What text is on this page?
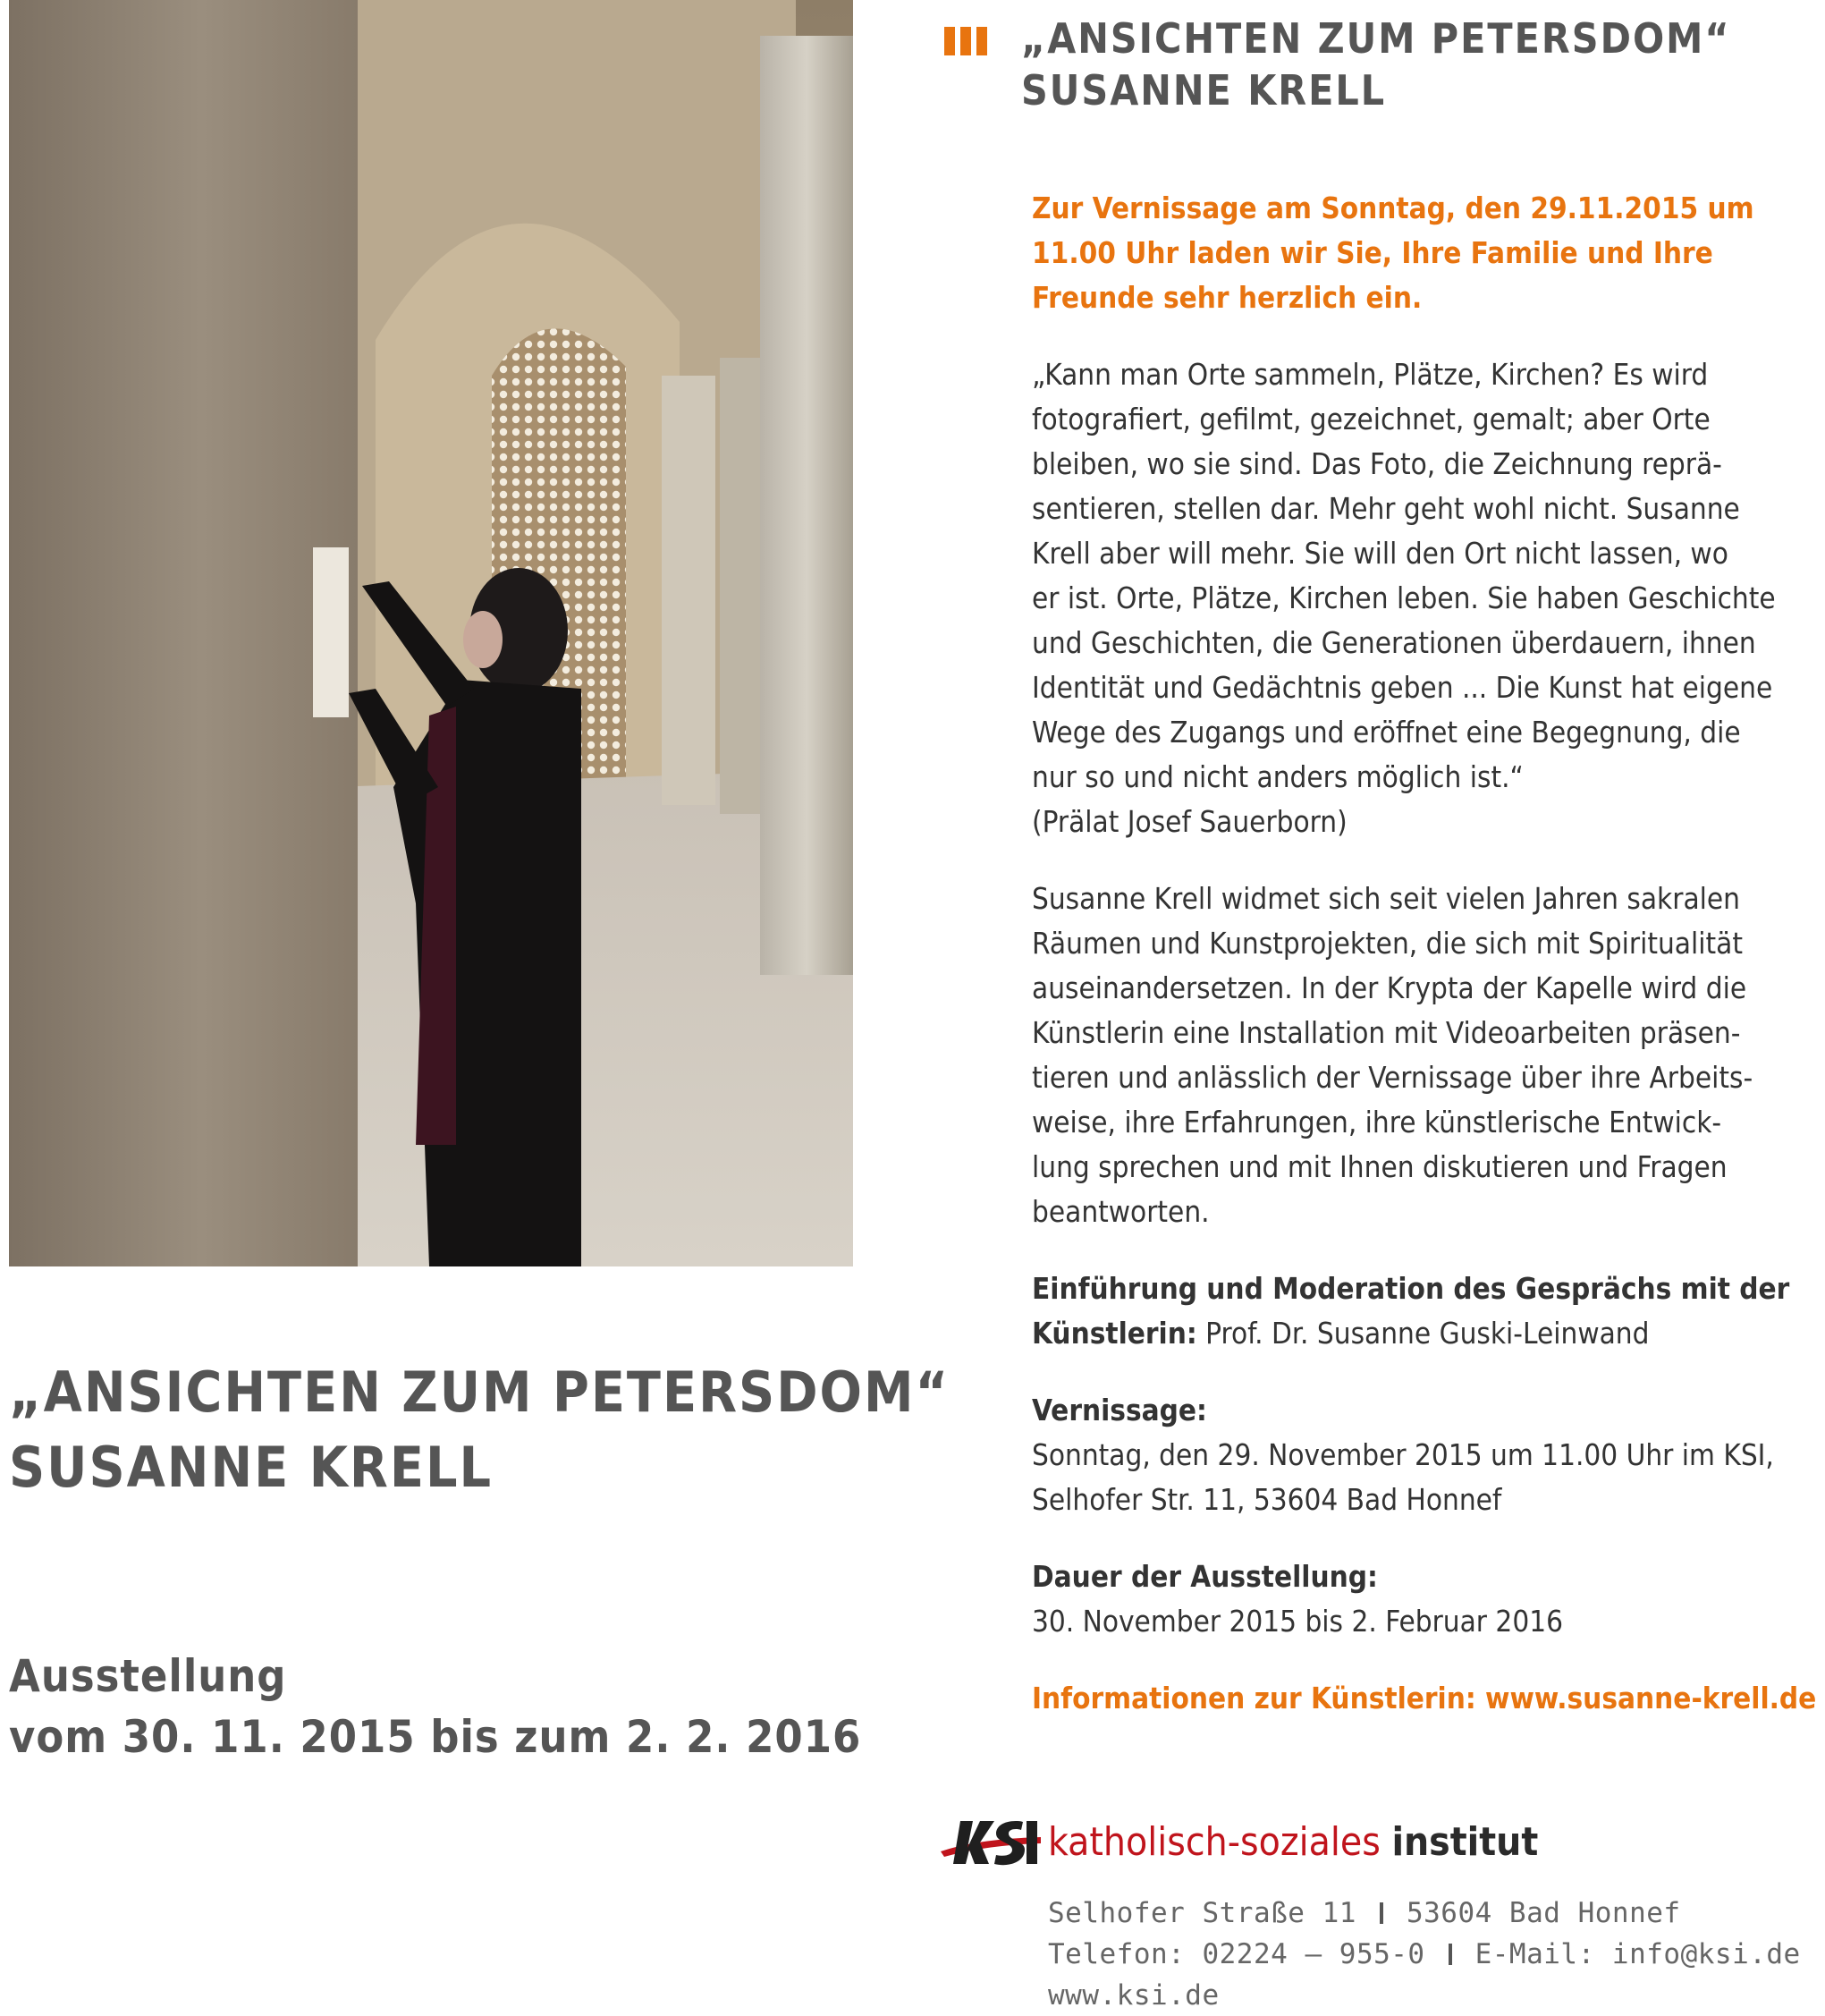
„ANSICHTEN ZUM PETERSDOM“
SUSANNE KRELL
Ausstellung
vom 30. 11. 2015 bis zum 2. 2. 2016
„ANSICHTEN ZUM PETERSDOM“
SUSANNE KRELL

Zur Vernissage am Sonntag, den 29.11.2015 um
11.00 Uhr laden wir Sie, Ihre Familie und Ihre
Freunde sehr herzlich ein.

„Kann man Orte sammeln, Plätze, Kirchen? Es wird
fotografiert, gefilmt, gezeichnet, gemalt; aber Orte
bleiben, wo sie sind. Das Foto, die Zeichnung reprä-
sentieren, stellen dar. Mehr geht wohl nicht. Susanne
Krell aber will mehr. Sie will den Ort nicht lassen, wo
er ist. Orte, Plätze, Kirchen leben. Sie haben Geschichte
und Geschichten, die Generationen überdauern, ihnen
Identität und Gedächtnis geben ... Die Kunst hat eigene
Wege des Zugangs und eröffnet eine Begegnung, die
nur so und nicht anders möglich ist.“
(Prälat Josef Sauerborn)

Susanne Krell widmet sich seit vielen Jahren sakralen
Räumen und Kunstprojekten, die sich mit Spiritualität
auseinandersetzen. In der Krypta der Kapelle wird die
Künstlerin eine Installation mit Videoarbeiten präsen-
tieren und anlässlich der Vernissage über ihre Arbeits-
weise, ihre Erfahrungen, ihre künstlerische Entwick-
lung sprechen und mit Ihnen diskutieren und Fragen
beantworten.

Einführung und Moderation des Gesprächs mit der
Künstlerin: Prof. Dr. Susanne Guski-Leinwand

Vernissage:
Sonntag, den 29. November 2015 um 11.00 Uhr im KSI,
Selhofer Str. 11, 53604 Bad Honnef

Dauer der Ausstellung:
30. November 2015 bis 2. Februar 2016

Informationen zur Künstlerin: www.susanne-krell.de

katholisch-soziales institut
Selhofer Straße 11 53604 Bad Honnef
Telefon: 02224 – 955-0 E-Mail: info@ksi.de
www.ksi.de
